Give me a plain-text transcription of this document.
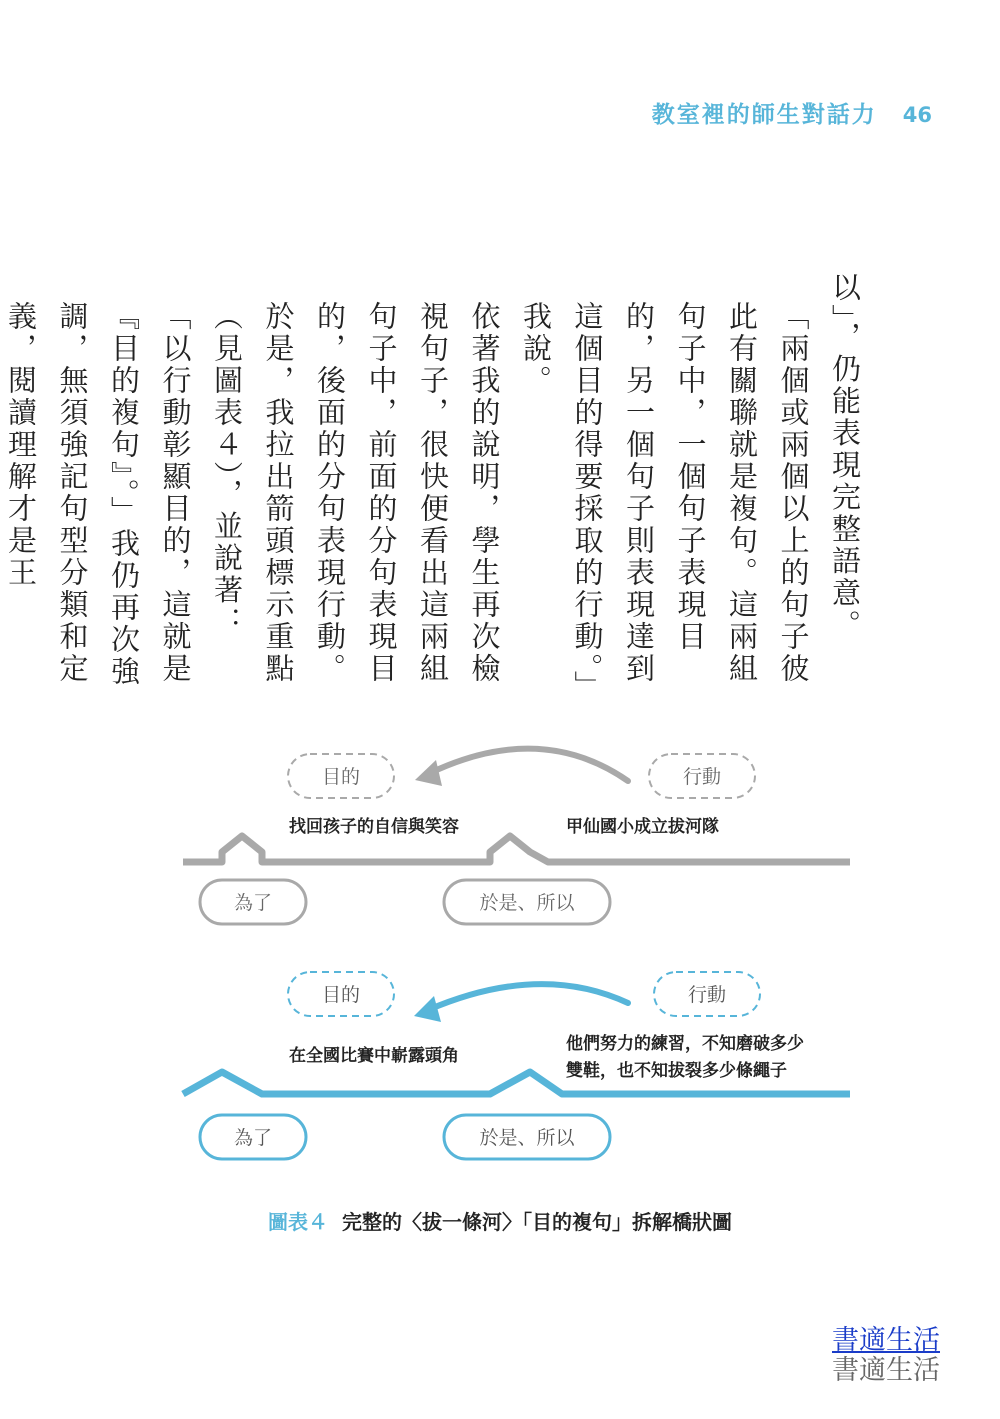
教室裡的師生對話力 46

以」，仍能表現完整語意。

「兩個或兩個以上的句子彼此有關聯就是複句。這兩組句子中，一個句子表現目的，另一個句子則表現達到這個目的得要採取的行動。」我說。

依著我的說明，學生再次檢視句子，很快便看出這兩組句子中，前面的分句表現目的，後面的分句表現行動。於是，我拉出箭頭標示重點（見圖表４），並說著：「以行動彰顯目的，這就是『目的複句』。」我仍再次強調，無須強記句型分類和定義，閱讀理解才是王

目的	行動
找回孩子的自信與笑容	甲仙國小成立拔河隊
為了	於是、所以
目的	行動
在全國比賽中嶄露頭角
他們努力的練習，不知磨破多少
雙鞋，也不知拔裂多少條繩子
為了	於是、所以
圖表４ 完整的〈拔一條河〉「目的複句」拆解橋狀圖
書適生活
書適生活
